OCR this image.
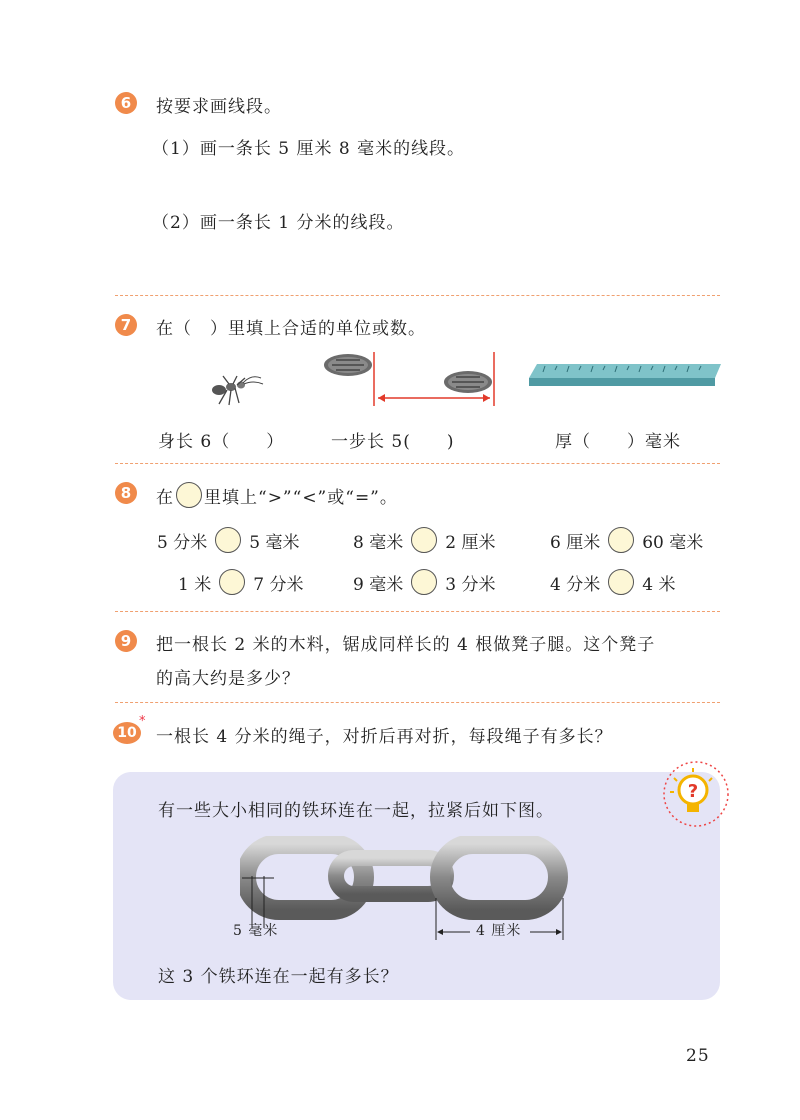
6	按要求画线段。
（1）画一条长 5 厘米 8 毫米的线段。
（2）画一条长 1 分米的线段。
7	在（　）里填上合适的单位或数。
身长 6（　　）	一步长 5(　　)	厚（　　）毫米
8	在 里填上“>”“<”或“=”。
5 分米 5 毫米	8 毫米 2 厘米	6 厘米 60 毫米
1 米 7 分米	9 毫米 3 分米	4 分米 4 米
9	把一根长 2 米的木料，锯成同样长的 4 根做凳子腿。这个凳子
的高大约是多少？
10
*
一根长 4 分米的绳子，对折后再对折，每段绳子有多长？
?
有一些大小相同的铁环连在一起，拉紧后如下图。
5 毫米	4 厘米
这 3 个铁环连在一起有多长？
25
